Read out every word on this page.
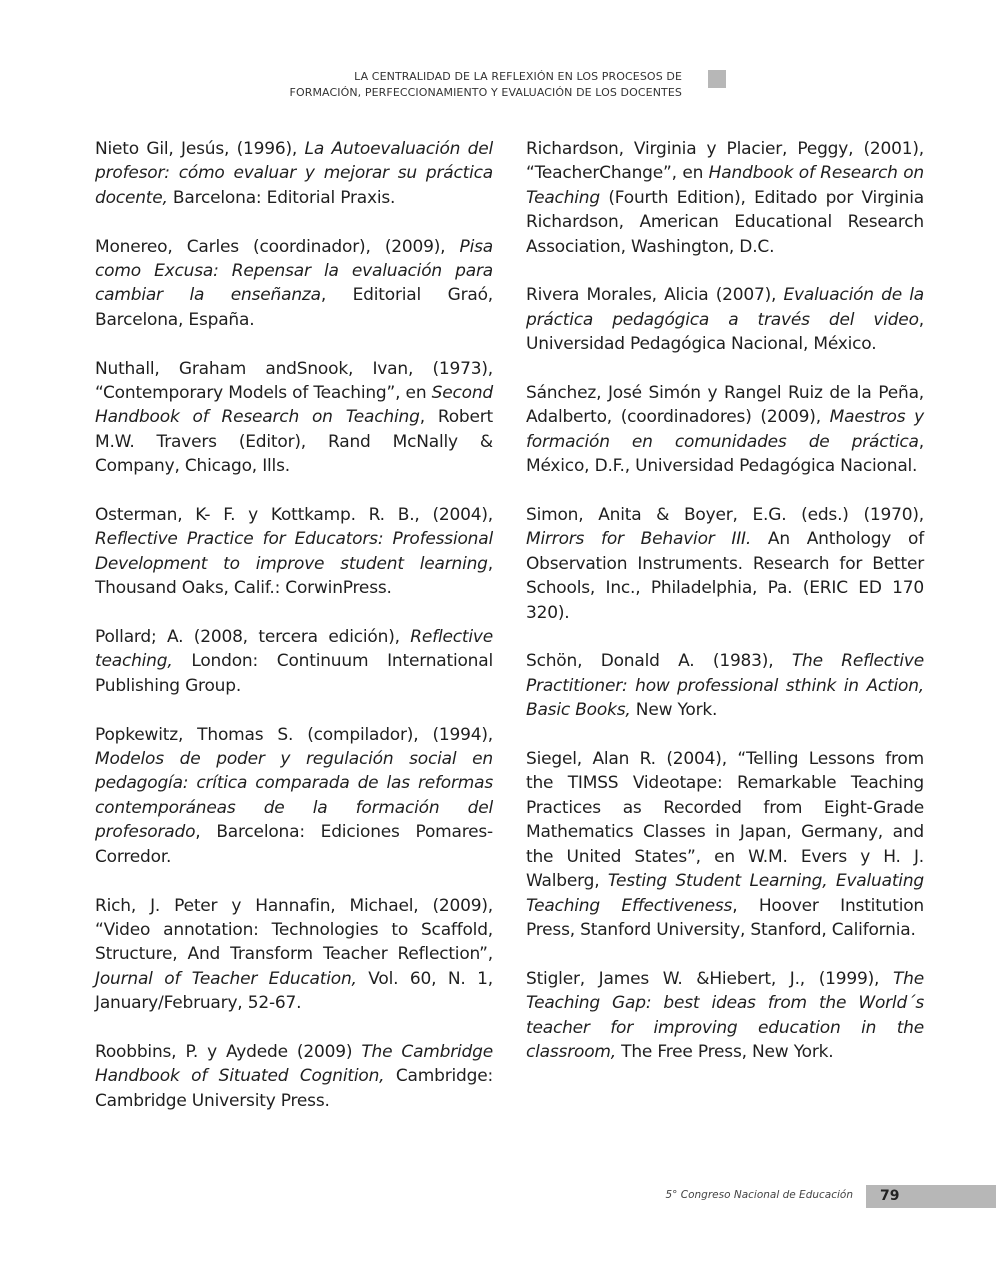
LA CENTRALIDAD DE LA REFLEXIÓN EN LOS PROCESOS DE
FORMACIÓN, PERFECCIONAMIENTO Y EVALUACIÓN DE LOS DOCENTES

Nieto Gil, Jesús, (1996), La Autoevaluación del profesor: cómo evaluar y mejorar su práctica docente, Barcelona: Editorial Praxis.

Monereo, Carles (coordinador), (2009), Pisa como Excusa: Repensar la evaluación para cambiar la enseñanza, Editorial Graó, Barcelona, España.

Nuthall, Graham andSnook, Ivan, (1973), “Contemporary Models of Teaching”, en Second Handbook of Research on Teaching, Robert M.W. Travers (Editor), Rand McNally & Company, Chicago, Ills.

Osterman, K- F. y Kottkamp. R. B., (2004), Reflective Practice for Educators: Professional Development to improve student learning, Thousand Oaks, Calif.: CorwinPress.

Pollard; A. (2008, tercera edición), Reflective teaching, London: Continuum International Publishing Group.

Popkewitz, Thomas S. (compilador), (1994), Modelos de poder y regulación social en pedagogía: crítica comparada de las reformas contemporáneas de la formación del profesorado, Barcelona: Ediciones Pomares-Corredor.

Rich, J. Peter y Hannafin, Michael, (2009), “Video annotation: Technologies to Scaffold, Structure, And Transform Teacher Reflection”, Journal of Teacher Education, Vol. 60, N. 1, January/February, 52-67.

Roobbins, P. y Aydede (2009) The Cambridge Handbook of Situated Cognition, Cambridge: Cambridge University Press.

Richardson, Virginia y Placier, Peggy, (2001), “TeacherChange”, en Handbook of Research on Teaching (Fourth Edition), Editado por Virginia Richardson, American Educational Research Association, Washington, D.C.

Rivera Morales, Alicia (2007), Evaluación de la práctica pedagógica a través del video, Universidad Pedagógica Nacional, México.

Sánchez, José Simón y Rangel Ruiz de la Peña, Adalberto, (coordinadores) (2009), Maestros y formación en comunidades de práctica, México, D.F., Universidad Pedagógica Nacional.

Simon, Anita & Boyer, E.G. (eds.) (1970), Mirrors for Behavior III. An Anthology of Observation Instruments. Research for Better Schools, Inc., Philadelphia, Pa. (ERIC ED 170 320).

Schön, Donald A. (1983), The Reflective Practitioner: how professional sthink in Action, Basic Books, New York.

Siegel, Alan R. (2004), “Telling Lessons from the TIMSS Videotape: Remarkable Teaching Practices as Recorded from Eight-Grade Mathematics Classes in Japan, Germany, and the United States”, en W.M. Evers y H. J. Walberg, Testing Student Learning, Evaluating Teaching Effectiveness, Hoover Institution Press, Stanford University, Stanford, California.

Stigler, James W. &Hiebert, J., (1999), The Teaching Gap: best ideas from the World´s teacher for improving education in the classroom, The Free Press, New York.

5° Congreso Nacional de Educación 79
